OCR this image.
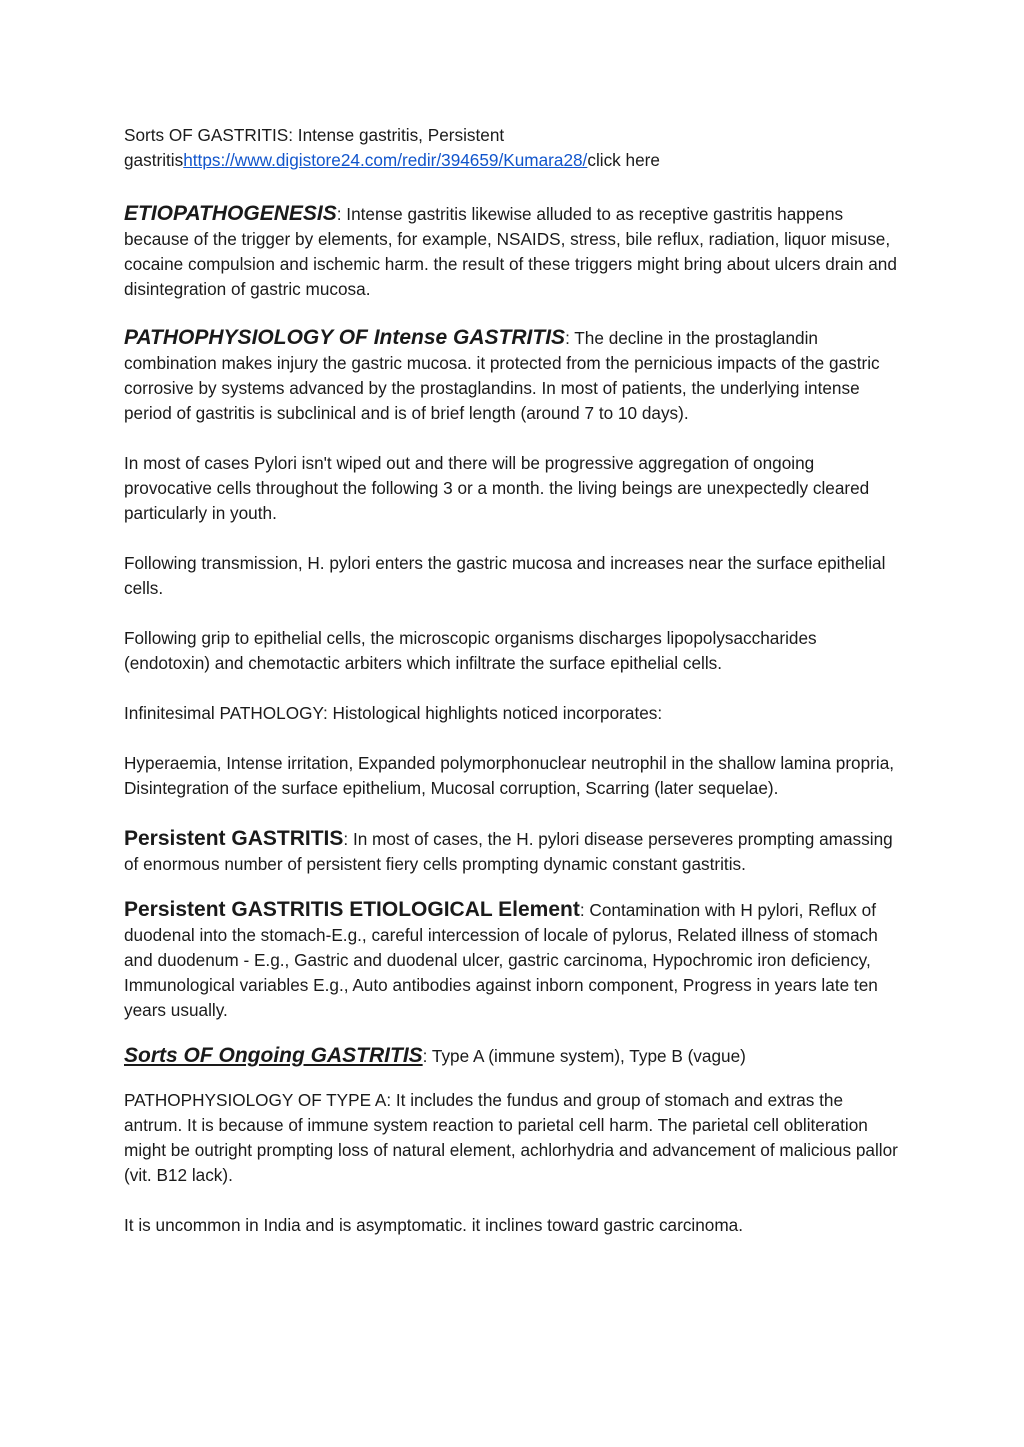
Sorts OF GASTRITIS: Intense gastritis, Persistent gastritishttps://www.digistore24.com/redir/394659/Kumara28/click here

ETIOPATHOGENESIS: Intense gastritis likewise alluded to as receptive gastritis happens because of the trigger by elements, for example, NSAIDS, stress, bile reflux, radiation, liquor misuse, cocaine compulsion and ischemic harm. the result of these triggers might bring about ulcers drain and disintegration of gastric mucosa.

PATHOPHYSIOLOGY OF Intense GASTRITIS: The decline in the prostaglandin combination makes injury the gastric mucosa. it protected from the pernicious impacts of the gastric corrosive by systems advanced by the prostaglandins. In most of patients, the underlying intense period of gastritis is subclinical and is of brief length (around 7 to 10 days).

In most of cases Pylori isn't wiped out and there will be progressive aggregation of ongoing provocative cells throughout the following 3 or a month. the living beings are unexpectedly cleared particularly in youth.

Following transmission, H. pylori enters the gastric mucosa and increases near the surface epithelial cells.

Following grip to epithelial cells, the microscopic organisms discharges lipopolysaccharides (endotoxin) and chemotactic arbiters which infiltrate the surface epithelial cells.

Infinitesimal PATHOLOGY: Histological highlights noticed incorporates:

Hyperaemia, Intense irritation, Expanded polymorphonuclear neutrophil in the shallow lamina propria, Disintegration of the surface epithelium, Mucosal corruption, Scarring (later sequelae).

Persistent GASTRITIS: In most of cases, the H. pylori disease perseveres prompting amassing of enormous number of persistent fiery cells prompting dynamic constant gastritis.

Persistent GASTRITIS ETIOLOGICAL Element: Contamination with H pylori, Reflux of duodenal into the stomach-E.g., careful intercession of locale of pylorus, Related illness of stomach and duodenum - E.g., Gastric and duodenal ulcer, gastric carcinoma, Hypochromic iron deficiency, Immunological variables E.g., Auto antibodies against inborn component, Progress in years late ten years usually.

Sorts OF Ongoing GASTRITIS: Type A (immune system), Type B (vague)

PATHOPHYSIOLOGY OF TYPE A: It includes the fundus and group of stomach and extras the antrum. It is because of immune system reaction to parietal cell harm. The parietal cell obliteration might be outright prompting loss of natural element, achlorhydria and advancement of malicious pallor (vit. B12 lack).

It is uncommon in India and is asymptomatic. it inclines toward gastric carcinoma.
